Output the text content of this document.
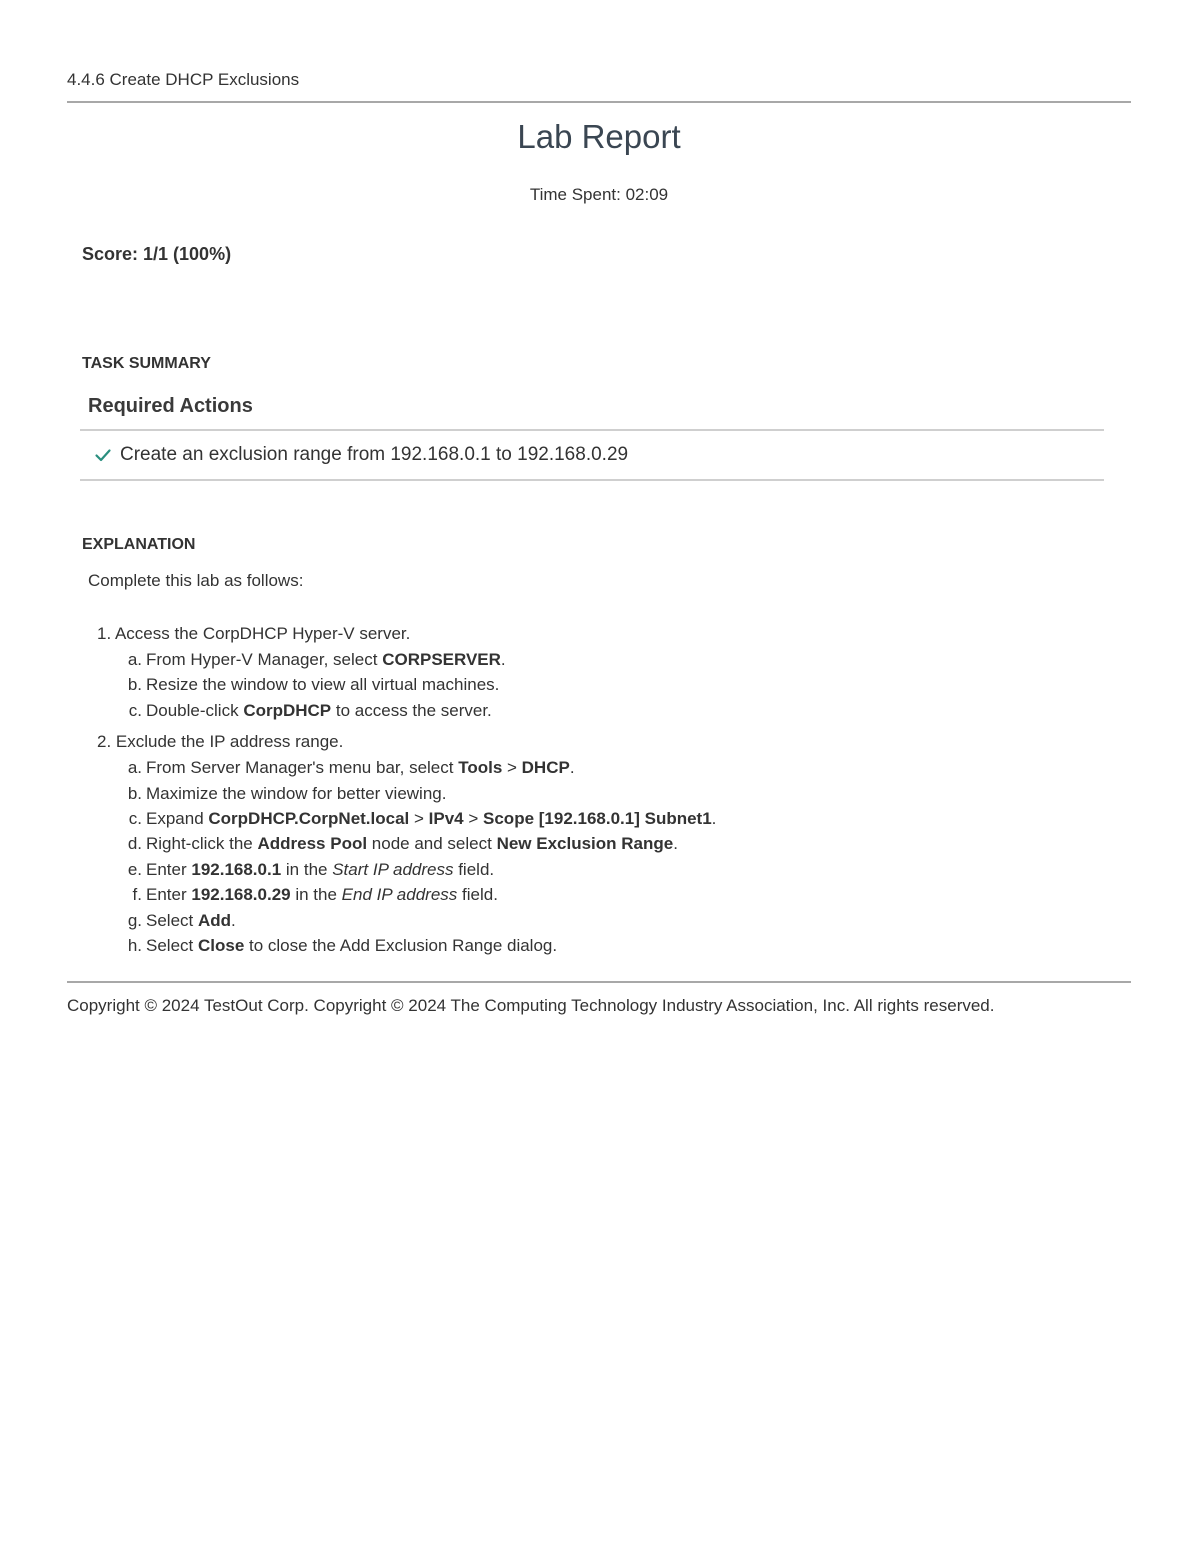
4.4.6 Create DHCP Exclusions
Lab Report
Time Spent: 02:09
Score: 1/1 (100%)
TASK SUMMARY
Required Actions
Create an exclusion range from 192.168.0.1 to 192.168.0.29
EXPLANATION
Complete this lab as follows:
1. Access the CorpDHCP Hyper-V server.
a. From Hyper-V Manager, select CORPSERVER.
b. Resize the window to view all virtual machines.
c. Double-click CorpDHCP to access the server.
2. Exclude the IP address range.
a. From Server Manager's menu bar, select Tools > DHCP.
b. Maximize the window for better viewing.
c. Expand CorpDHCP.CorpNet.local > IPv4 > Scope [192.168.0.1] Subnet1.
d. Right-click the Address Pool node and select New Exclusion Range.
e. Enter 192.168.0.1 in the Start IP address field.
f. Enter 192.168.0.29 in the End IP address field.
g. Select Add.
h. Select Close to close the Add Exclusion Range dialog.
Copyright © 2024 TestOut Corp. Copyright © 2024 The Computing Technology Industry Association, Inc. All rights reserved.
